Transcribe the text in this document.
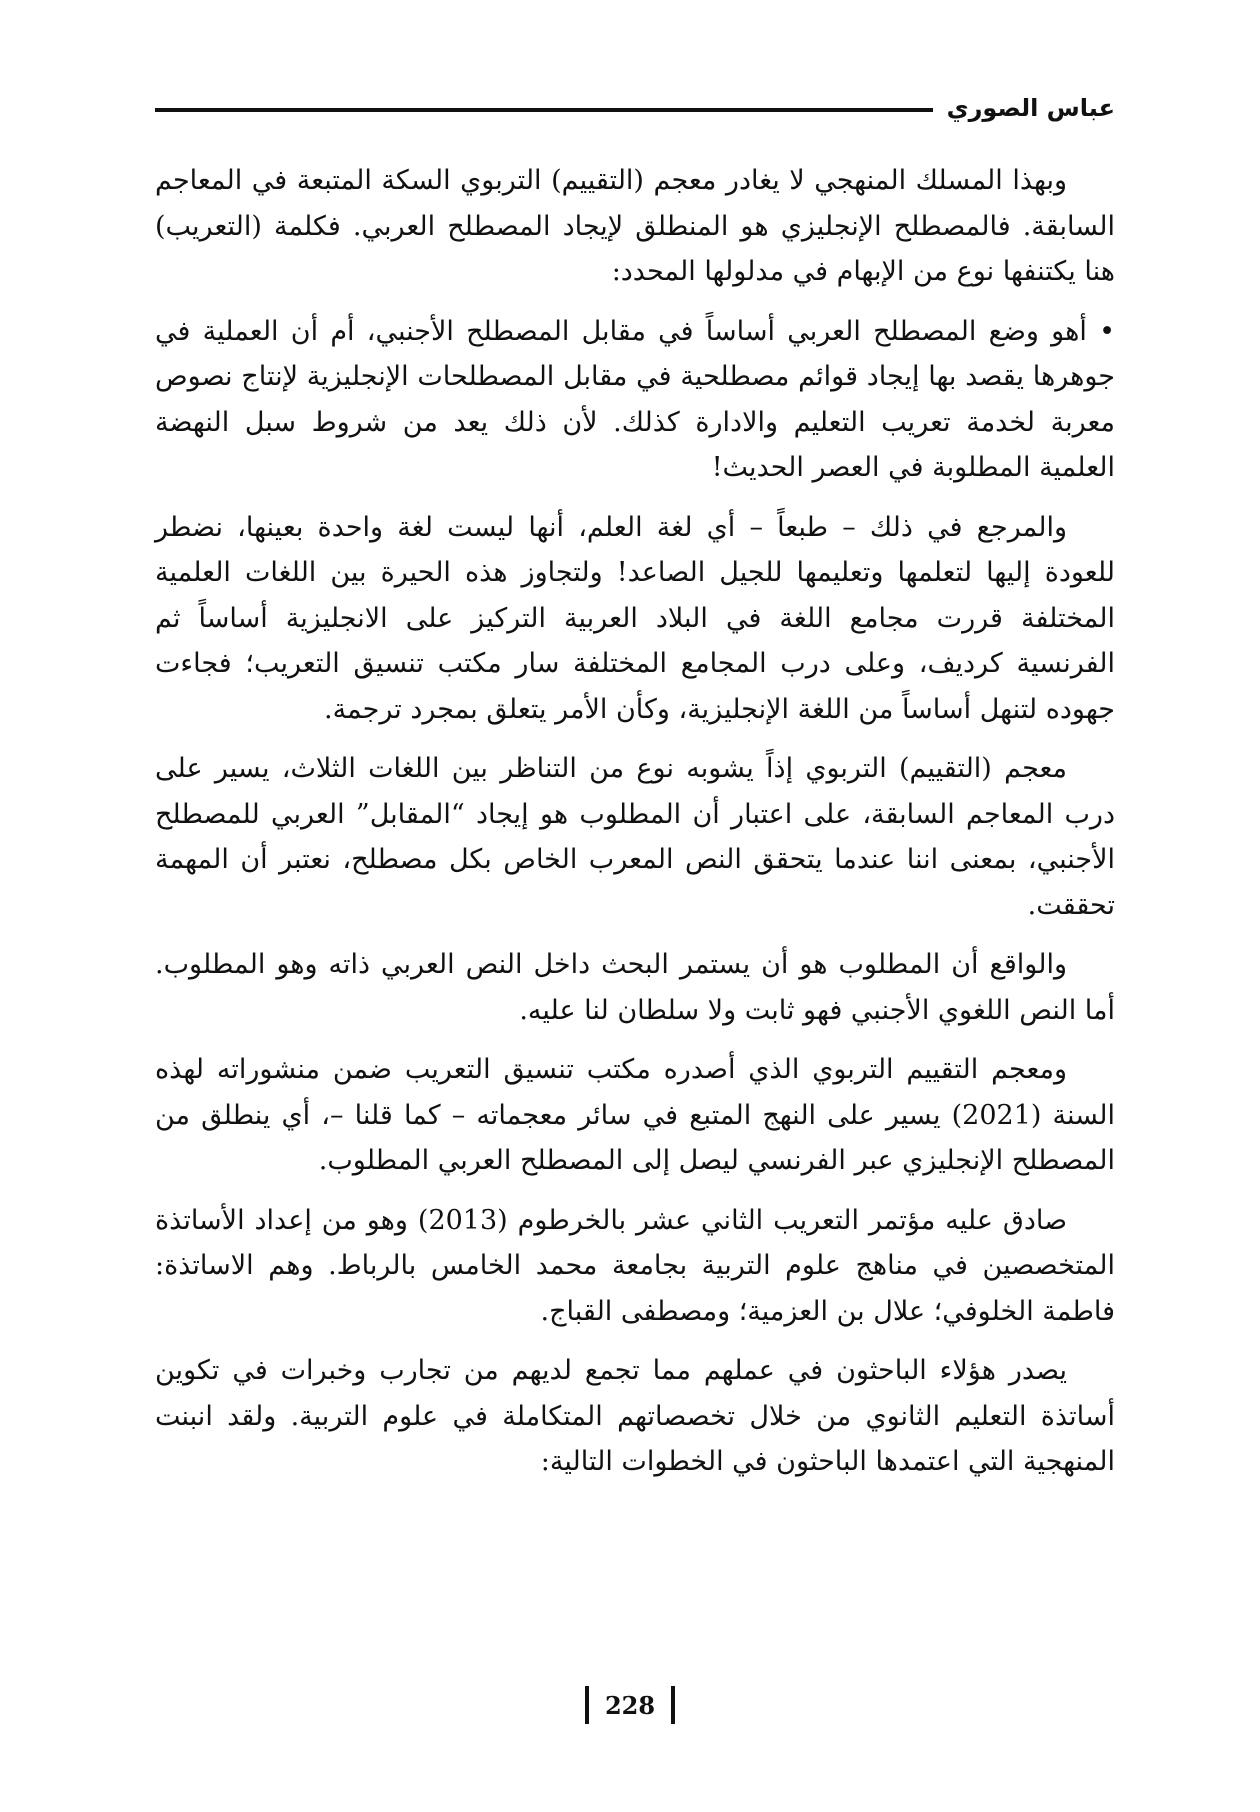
عباس الصوري

وبهذا المسلك المنهجي لا يغادر معجم (التقييم) التربوي السكة المتبعة في المعاجم السابقة. فالمصطلح الإنجليزي هو المنطلق لإيجاد المصطلح العربي. فكلمة (التعريب) هنا يكتنفها نوع من الإبهام في مدلولها المحدد:

• أهو وضع المصطلح العربي أساساً في مقابل المصطلح الأجنبي، أم أن العملية في جوهرها يقصد بها إيجاد قوائم مصطلحية في مقابل المصطلحات الإنجليزية لإنتاج نصوص معربة لخدمة تعريب التعليم والادارة كذلك. لأن ذلك يعد من شروط سبل النهضة العلمية المطلوبة في العصر الحديث!

والمرجع في ذلك – طبعاً – أي لغة العلم، أنها ليست لغة واحدة بعينها، نضطر للعودة إليها لتعلمها وتعليمها للجيل الصاعد! ولتجاوز هذه الحيرة بين اللغات العلمية المختلفة قررت مجامع اللغة في البلاد العربية التركيز على الانجليزية أساساً ثم الفرنسية كرديف، وعلى درب المجامع المختلفة سار مكتب تنسيق التعريب؛ فجاءت جهوده لتنهل أساساً من اللغة الإنجليزية، وكأن الأمر يتعلق بمجرد ترجمة.

معجم (التقييم) التربوي إذاً يشوبه نوع من التناظر بين اللغات الثلاث، يسير على درب المعاجم السابقة، على اعتبار أن المطلوب هو إيجاد “المقابل” العربي للمصطلح الأجنبي، بمعنى اننا عندما يتحقق النص المعرب الخاص بكل مصطلح، نعتبر أن المهمة تحققت.

والواقع أن المطلوب هو أن يستمر البحث داخل النص العربي ذاته وهو المطلوب. أما النص اللغوي الأجنبي فهو ثابت ولا سلطان لنا عليه.

ومعجم التقييم التربوي الذي أصدره مكتب تنسيق التعريب ضمن منشوراته لهذه السنة (2021) يسير على النهج المتبع في سائر معجماته – كما قلنا –، أي ينطلق من المصطلح الإنجليزي عبر الفرنسي ليصل إلى المصطلح العربي المطلوب.

صادق عليه مؤتمر التعريب الثاني عشر بالخرطوم (2013) وهو من إعداد الأساتذة المتخصصين في مناهج علوم التربية بجامعة محمد الخامس بالرباط. وهم الاساتذة: فاطمة الخلوفي؛ علال بن العزمية؛ ومصطفى القباج.

يصدر هؤلاء الباحثون في عملهم مما تجمع لديهم من تجارب وخبرات في تكوين أساتذة التعليم الثانوي من خلال تخصصاتهم المتكاملة في علوم التربية. ولقد انبنت المنهجية التي اعتمدها الباحثون في الخطوات التالية:

228
